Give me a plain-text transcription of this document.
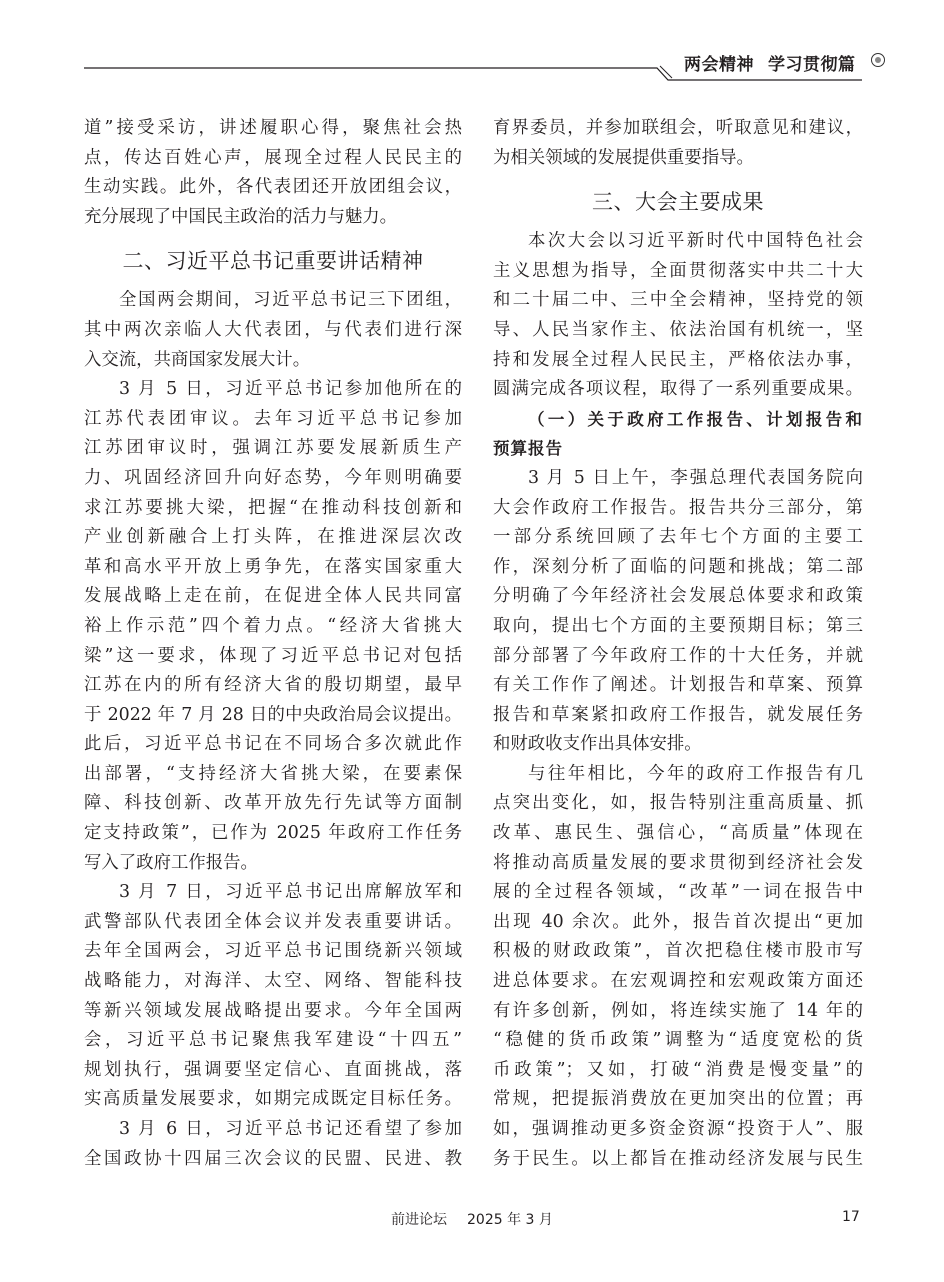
两会精神 学习贯彻篇
道”接受采访，讲述履职心得，聚焦社会热
点，传达百姓心声，展现全过程人民民主的
生动实践。此外，各代表团还开放团组会议，
充分展现了中国民主政治的活力与魅力。
二、习近平总书记重要讲话精神
全国两会期间，习近平总书记三下团组，
其中两次亲临人大代表团，与代表们进行深
入交流，共商国家发展大计。
3 月 5 日，习近平总书记参加他所在的
江苏代表团审议。去年习近平总书记参加
江苏团审议时，强调江苏要发展新质生产
力、巩固经济回升向好态势，今年则明确要
求江苏要挑大梁，把握“在推动科技创新和
产业创新融合上打头阵，在推进深层次改
革和高水平开放上勇争先，在落实国家重大
发展战略上走在前，在促进全体人民共同富
裕上作示范”四个着力点。“经济大省挑大
梁”这一要求，体现了习近平总书记对包括
江苏在内的所有经济大省的殷切期望，最早
于 2022 年 7 月 28 日的中央政治局会议提出。
此后，习近平总书记在不同场合多次就此作
出部署，“支持经济大省挑大梁，在要素保
障、科技创新、改革开放先行先试等方面制
定支持政策”，已作为 2025 年政府工作任务
写入了政府工作报告。
3 月 7 日，习近平总书记出席解放军和
武警部队代表团全体会议并发表重要讲话。
去年全国两会，习近平总书记围绕新兴领域
战略能力，对海洋、太空、网络、智能科技
等新兴领域发展战略提出要求。今年全国两
会，习近平总书记聚焦我军建设“十四五”
规划执行，强调要坚定信心、直面挑战，落
实高质量发展要求，如期完成既定目标任务。
3 月 6 日，习近平总书记还看望了参加
全国政协十四届三次会议的民盟、民进、教
育界委员，并参加联组会，听取意见和建议，
为相关领域的发展提供重要指导。
三、大会主要成果
本次大会以习近平新时代中国特色社会
主义思想为指导，全面贯彻落实中共二十大
和二十届二中、三中全会精神，坚持党的领
导、人民当家作主、依法治国有机统一，坚
持和发展全过程人民民主，严格依法办事，
圆满完成各项议程，取得了一系列重要成果。
（一）关于政府工作报告、计划报告和
预算报告
3 月 5 日上午，李强总理代表国务院向
大会作政府工作报告。报告共分三部分，第
一部分系统回顾了去年七个方面的主要工
作，深刻分析了面临的问题和挑战；第二部
分明确了今年经济社会发展总体要求和政策
取向，提出七个方面的主要预期目标；第三
部分部署了今年政府工作的十大任务，并就
有关工作作了阐述。计划报告和草案、预算
报告和草案紧扣政府工作报告，就发展任务
和财政收支作出具体安排。
与往年相比，今年的政府工作报告有几
点突出变化，如，报告特别注重高质量、抓
改革、惠民生、强信心，“高质量”体现在
将推动高质量发展的要求贯彻到经济社会发
展的全过程各领域，“改革”一词在报告中
出现 40 余次。此外，报告首次提出“更加
积极的财政政策”，首次把稳住楼市股市写
进总体要求。在宏观调控和宏观政策方面还
有许多创新，例如，将连续实施了 14 年的
“稳健的货币政策”调整为“适度宽松的货
币政策”；又如，打破“消费是慢变量”的
常规，把提振消费放在更加突出的位置；再
如，强调推动更多资金资源“投资于人”、服
务于民生。以上都旨在推动经济发展与民生
前进论坛 2025 年 3 月	17
